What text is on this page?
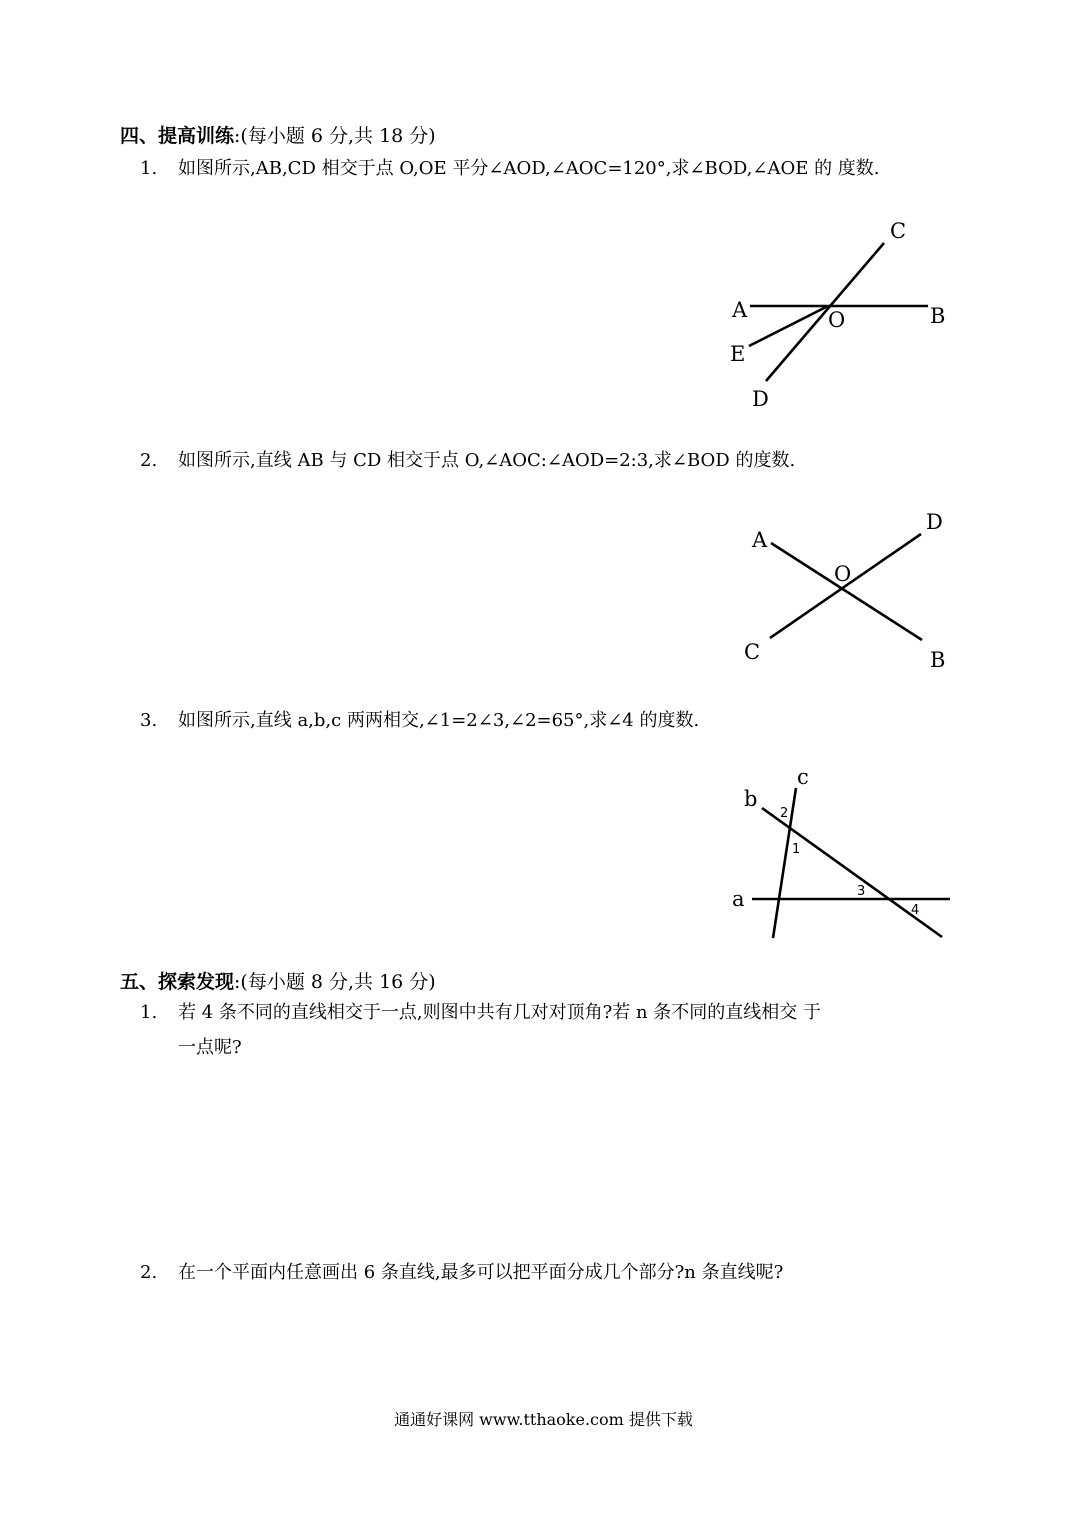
四、提高训练:(每小题 6 分,共 18 分)
1. 如图所示,AB,CD 相交于点 O,OE 平分∠AOD,∠AOC=120°,求∠BOD,∠AOE 的 度数.
C
A	O	B
E
D
A
D
O
C	B
c
b
a
2
1
3
4
2. 如图所示,直线 AB 与 CD 相交于点 O,∠AOC:∠AOD=2:3,求∠BOD 的度数.
3. 如图所示,直线 a,b,c 两两相交,∠1=2∠3,∠2=65°,求∠4 的度数.
五、探索发现:(每小题 8 分,共 16 分)
1. 若 4 条不同的直线相交于一点,则图中共有几对对顶角?若 n 条不同的直线相交 于
一点呢?
2. 在一个平面内任意画出 6 条直线,最多可以把平面分成几个部分?n 条直线呢?
通通好课网 www.tthaoke.com 提供下载
